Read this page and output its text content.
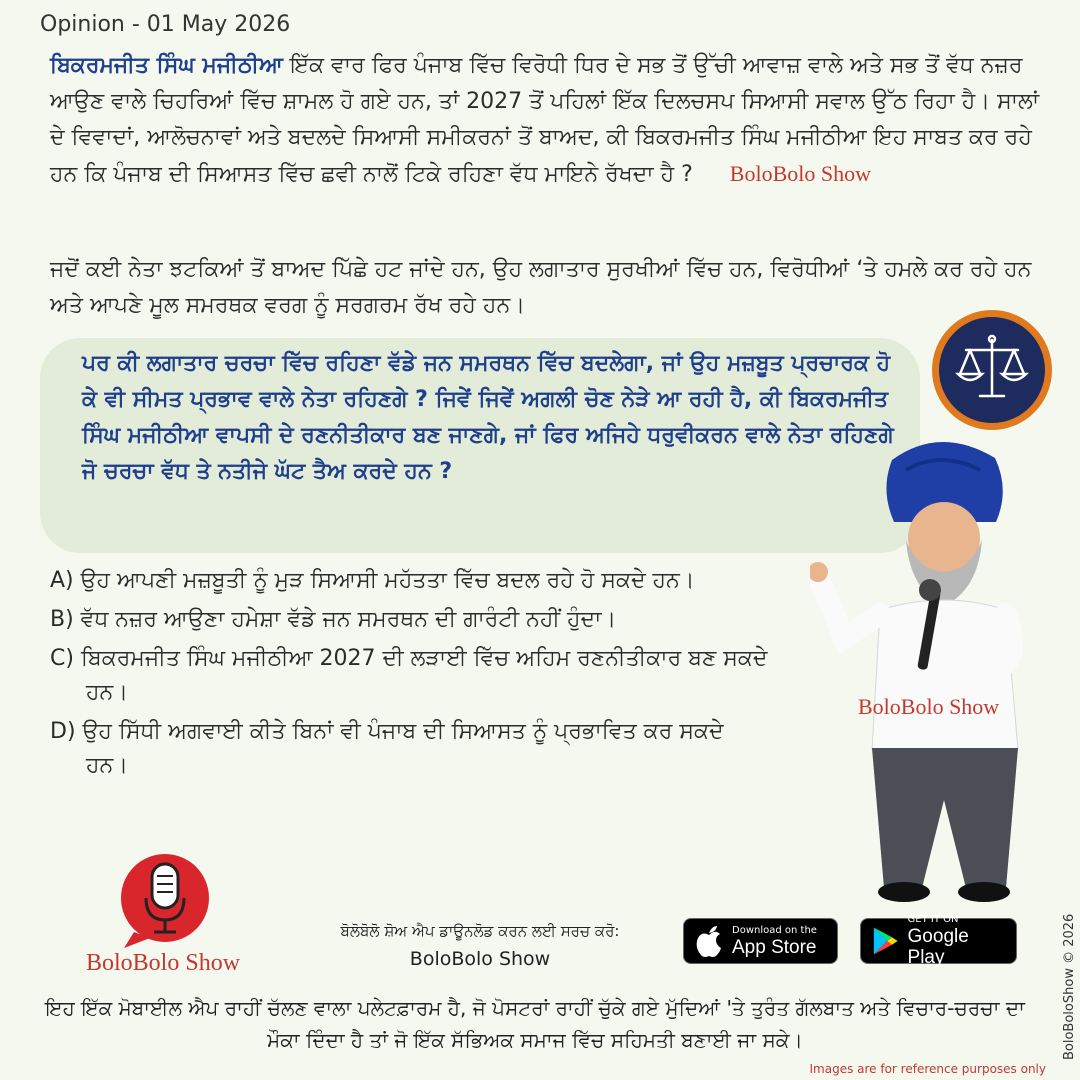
Opinion - 01 May 2026
ਬਿਕਰਮਜੀਤ ਸਿੰਘ ਮਜੀਠੀਆ ਇੱਕ ਵਾਰ ਫਿਰ ਪੰਜਾਬ ਵਿੱਚ ਵਿਰੋਧੀ ਧਿਰ ਦੇ ਸਭ ਤੋਂ ਉੱਚੀ ਆਵਾਜ਼ ਵਾਲੇ ਅਤੇ ਸਭ ਤੋਂ ਵੱਧ ਨਜ਼ਰ ਆਉਣ ਵਾਲੇ ਚਿਹਰਿਆਂ ਵਿੱਚ ਸ਼ਾਮਲ ਹੋ ਗਏ ਹਨ, ਤਾਂ 2027 ਤੋਂ ਪਹਿਲਾਂ ਇੱਕ ਦਿਲਚਸਪ ਸਿਆਸੀ ਸਵਾਲ ਉੱਠ ਰਿਹਾ ਹੈ। ਸਾਲਾਂ ਦੇ ਵਿਵਾਦਾਂ, ਆਲੋਚਨਾਵਾਂ ਅਤੇ ਬਦਲਦੇ ਸਿਆਸੀ ਸਮੀਕਰਨਾਂ ਤੋਂ ਬਾਅਦ, ਕੀ ਬਿਕਰਮਜੀਤ ਸਿੰਘ ਮਜੀਠੀਆ ਇਹ ਸਾਬਤ ਕਰ ਰਹੇ ਹਨ ਕਿ ਪੰਜਾਬ ਦੀ ਸਿਆਸਤ ਵਿੱਚ ਛਵੀ ਨਾਲੋਂ ਟਿਕੇ ਰਹਿਣਾ ਵੱਧ ਮਾਇਨੇ ਰੱਖਦਾ ਹੈ ? BoloBolo Show
ਜਦੋਂ ਕਈ ਨੇਤਾ ਝਟਕਿਆਂ ਤੋਂ ਬਾਅਦ ਪਿੱਛੇ ਹਟ ਜਾਂਦੇ ਹਨ, ਉਹ ਲਗਾਤਾਰ ਸੁਰਖੀਆਂ ਵਿੱਚ ਹਨ, ਵਿਰੋਧੀਆਂ ‘ਤੇ ਹਮਲੇ ਕਰ ਰਹੇ ਹਨ ਅਤੇ ਆਪਣੇ ਮੂਲ ਸਮਰਥਕ ਵਰਗ ਨੂੰ ਸਰਗਰਮ ਰੱਖ ਰਹੇ ਹਨ।
ਪਰ ਕੀ ਲਗਾਤਾਰ ਚਰਚਾ ਵਿੱਚ ਰਹਿਣਾ ਵੱਡੇ ਜਨ ਸਮਰਥਨ ਵਿੱਚ ਬਦਲੇਗਾ, ਜਾਂ ਉਹ ਮਜ਼ਬੂਤ ਪ੍ਰਚਾਰਕ ਹੋ ਕੇ ਵੀ ਸੀਮਤ ਪ੍ਰਭਾਵ ਵਾਲੇ ਨੇਤਾ ਰਹਿਣਗੇ ? ਜਿਵੇਂ ਜਿਵੇਂ ਅਗਲੀ ਚੋਣ ਨੇੜੇ ਆ ਰਹੀ ਹੈ, ਕੀ ਬਿਕਰਮਜੀਤ ਸਿੰਘ ਮਜੀਠੀਆ ਵਾਪਸੀ ਦੇ ਰਣਨੀਤੀਕਾਰ ਬਣ ਜਾਣਗੇ, ਜਾਂ ਫਿਰ ਅਜਿਹੇ ਧਰੁਵੀਕਰਨ ਵਾਲੇ ਨੇਤਾ ਰਹਿਣਗੇ ਜੋ ਚਰਚਾ ਵੱਧ ਤੇ ਨਤੀਜੇ ਘੱਟ ਤੈਅ ਕਰਦੇ ਹਨ ?
A) ਉਹ ਆਪਣੀ ਮਜ਼ਬੂਤੀ ਨੂੰ ਮੁੜ ਸਿਆਸੀ ਮਹੱਤਤਾ ਵਿੱਚ ਬਦਲ ਰਹੇ ਹੋ ਸਕਦੇ ਹਨ।
B) ਵੱਧ ਨਜ਼ਰ ਆਉਣਾ ਹਮੇਸ਼ਾ ਵੱਡੇ ਜਨ ਸਮਰਥਨ ਦੀ ਗਾਰੰਟੀ ਨਹੀਂ ਹੁੰਦਾ।
C) ਬਿਕਰਮਜੀਤ ਸਿੰਘ ਮਜੀਠੀਆ 2027 ਦੀ ਲੜਾਈ ਵਿੱਚ ਅਹਿਮ ਰਣਨੀਤੀਕਾਰ ਬਣ ਸਕਦੇ ਹਨ।
D) ਉਹ ਸਿੱਧੀ ਅਗਵਾਈ ਕੀਤੇ ਬਿਨਾਂ ਵੀ ਪੰਜਾਬ ਦੀ ਸਿਆਸਤ ਨੂੰ ਪ੍ਰਭਾਵਿਤ ਕਰ ਸਕਦੇ ਹਨ।
BoloBolo Show
BoloBolo Show
ਬੋਲੋਬੋਲੋ ਸ਼ੋਅ ਐਪ ਡਾਊਨਲੋਡ ਕਰਨ ਲਈ ਸਰਚ ਕਰੋ:
BoloBolo Show
Download on the
App Store
GET IT ON
Google Play
ਇਹ ਇੱਕ ਮੋਬਾਈਲ ਐਪ ਰਾਹੀਂ ਚੱਲਣ ਵਾਲਾ ਪਲੇਟਫ਼ਾਰਮ ਹੈ, ਜੋ ਪੋਸਟਰਾਂ ਰਾਹੀਂ ਚੁੱਕੇ ਗਏ ਮੁੱਦਿਆਂ 'ਤੇ ਤੁਰੰਤ ਗੱਲਬਾਤ ਅਤੇ ਵਿਚਾਰ-ਚਰਚਾ ਦਾ ਮੌਕਾ ਦਿੰਦਾ ਹੈ ਤਾਂ ਜੋ ਇੱਕ ਸੱਭਿਅਕ ਸਮਾਜ ਵਿੱਚ ਸਹਿਮਤੀ ਬਣਾਈ ਜਾ ਸਕੇ।	BoloBoloShow © 2026
Images are for reference purposes only
